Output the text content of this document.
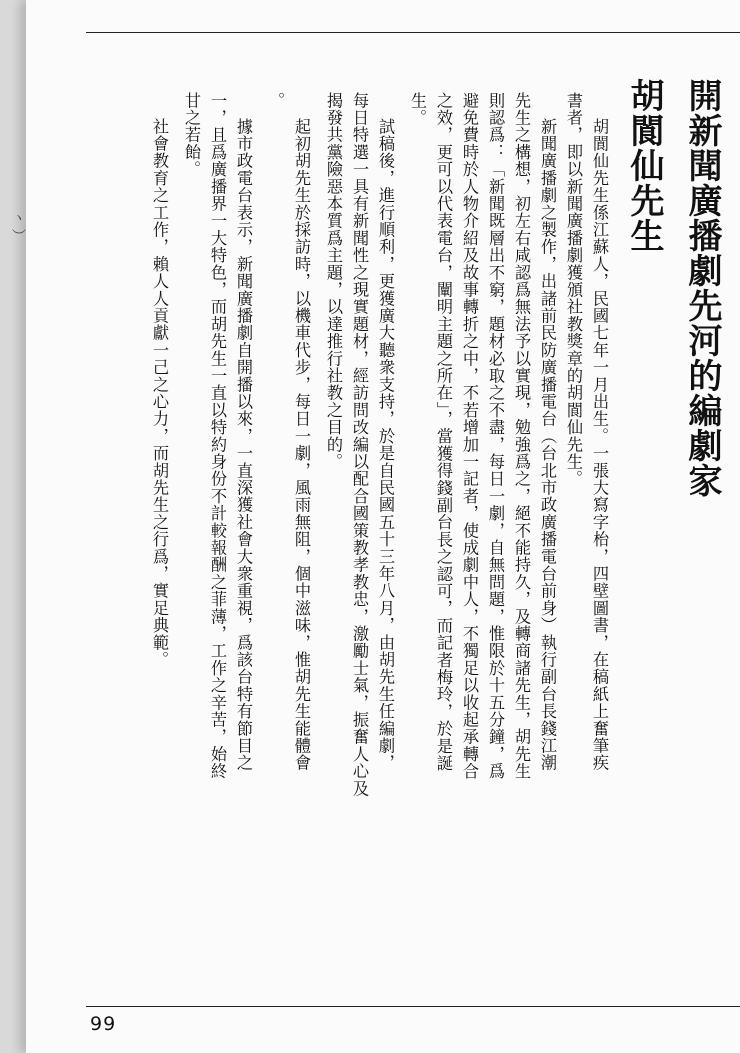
開新聞廣播劇先河的編劇家
胡閬仙先生
胡閬仙先生係江蘇人，民國七年一月出生。一張大寫字枱，四壁圖書，在稿紙上奮筆疾
書者，即以新聞廣播劇獲頒社教獎章的胡閬仙先生。
新聞廣播劇之製作，出諸前民防廣播電台（台北市政廣播電台前身）執行副台長錢江潮
先生之構想，初左右咸認爲無法予以實現，勉強爲之，絕不能持久，及轉商諸先生，胡先生
則認爲：「新聞既層出不窮，題材必取之不盡，每日一劇，自無問題，惟限於十五分鐘，爲
避免費時於人物介紹及故事轉折之中，不若增加一記者，使成劇中人，不獨足以收起承轉合
之效，更可以代表電台，闡明主題之所在」，當獲得錢副台長之認可，而記者梅玲，於是誕
生。
試稿後，進行順利，更獲廣大聽衆支持，於是自民國五十三年八月，由胡先生任編劇，
每日特選一具有新聞性之現實題材，經訪問改編以配合國策教孝教忠，激勵士氣，振奮人心及
揭發共黨險惡本質爲主題，以達推行社教之目的。
起初胡先生於採訪時，以機車代步，每日一劇，風雨無阻，個中滋味，惟胡先生能體會
。
據市政電台表示，新聞廣播劇自開播以來，一直深獲社會大衆重視，爲該台特有節目之
一，且爲廣播界一大特色，而胡先生一直以特約身份不計較報酬之菲薄，工作之辛苦，始終
甘之若飴。
社會教育之工作，賴人人貢獻一己之心力，而胡先生之行爲，實足典範。
99
ヽ ）
